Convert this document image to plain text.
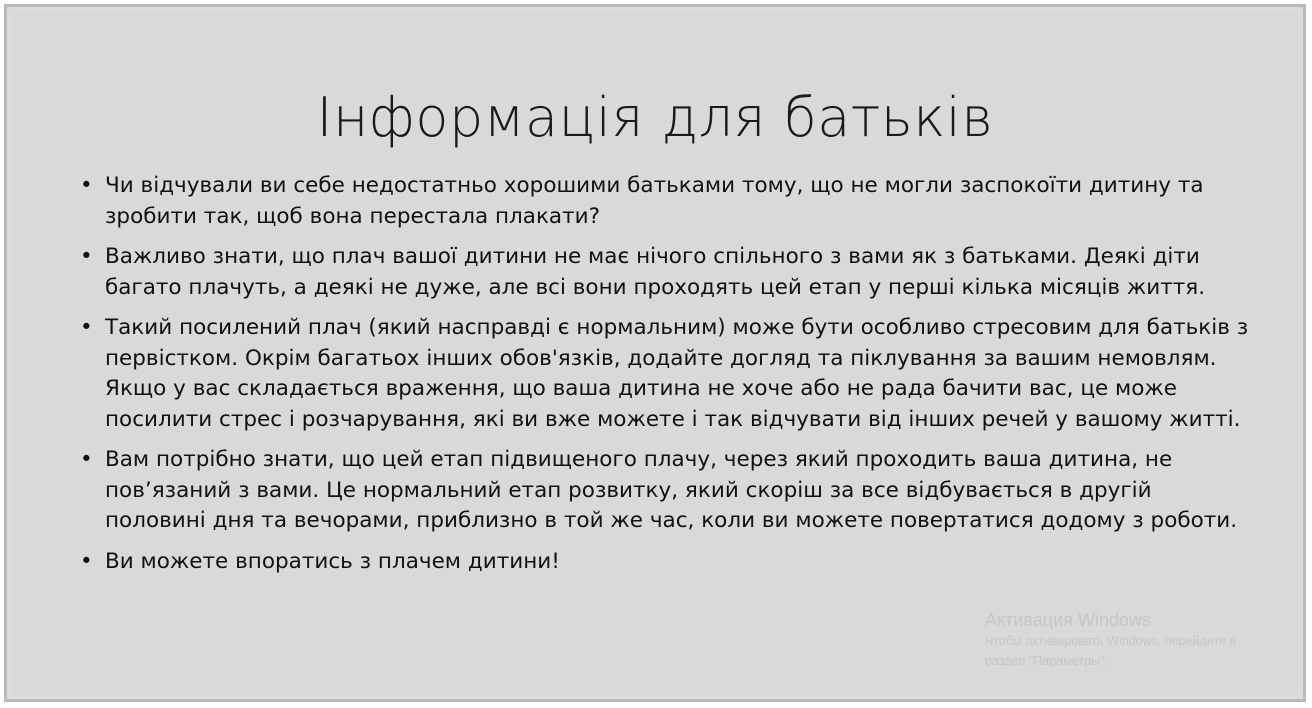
Інформація для батьків
• Чи відчували ви себе недостатньо хорошими батьками тому, що не могли заспокоїти дитину та зробити так, щоб вона перестала плакати?
• Важливо знати, що плач вашої дитини не має нічого спільного з вами як з батьками. Деякі діти багато плачуть, а деякі не дуже, але всі вони проходять цей етап у перші кілька місяців життя.
• Такий посилений плач (який насправді є нормальним) може бути особливо стресовим для батьків з первістком. Окрім багатьох інших обов'язків, додайте догляд та піклування за вашим немовлям. Якщо у вас складається враження, що ваша дитина не хоче або не рада бачити вас, це може посилити стрес і розчарування, які ви вже можете і так відчувати від інших речей у вашому житті.
• Вам потрібно знати, що цей етап підвищеного плачу, через який проходить ваша дитина, не пов’язаний з вами. Це нормальний етап розвитку, який скоріш за все відбувається в другій половині дня та вечорами, приблизно в той же час, коли ви можете повертатися додому з роботи.
• Ви можете впоратись з плачем дитини!
Активация Windows
Чтобы активировать Windows, перейдите в
раздел "Параметры".
